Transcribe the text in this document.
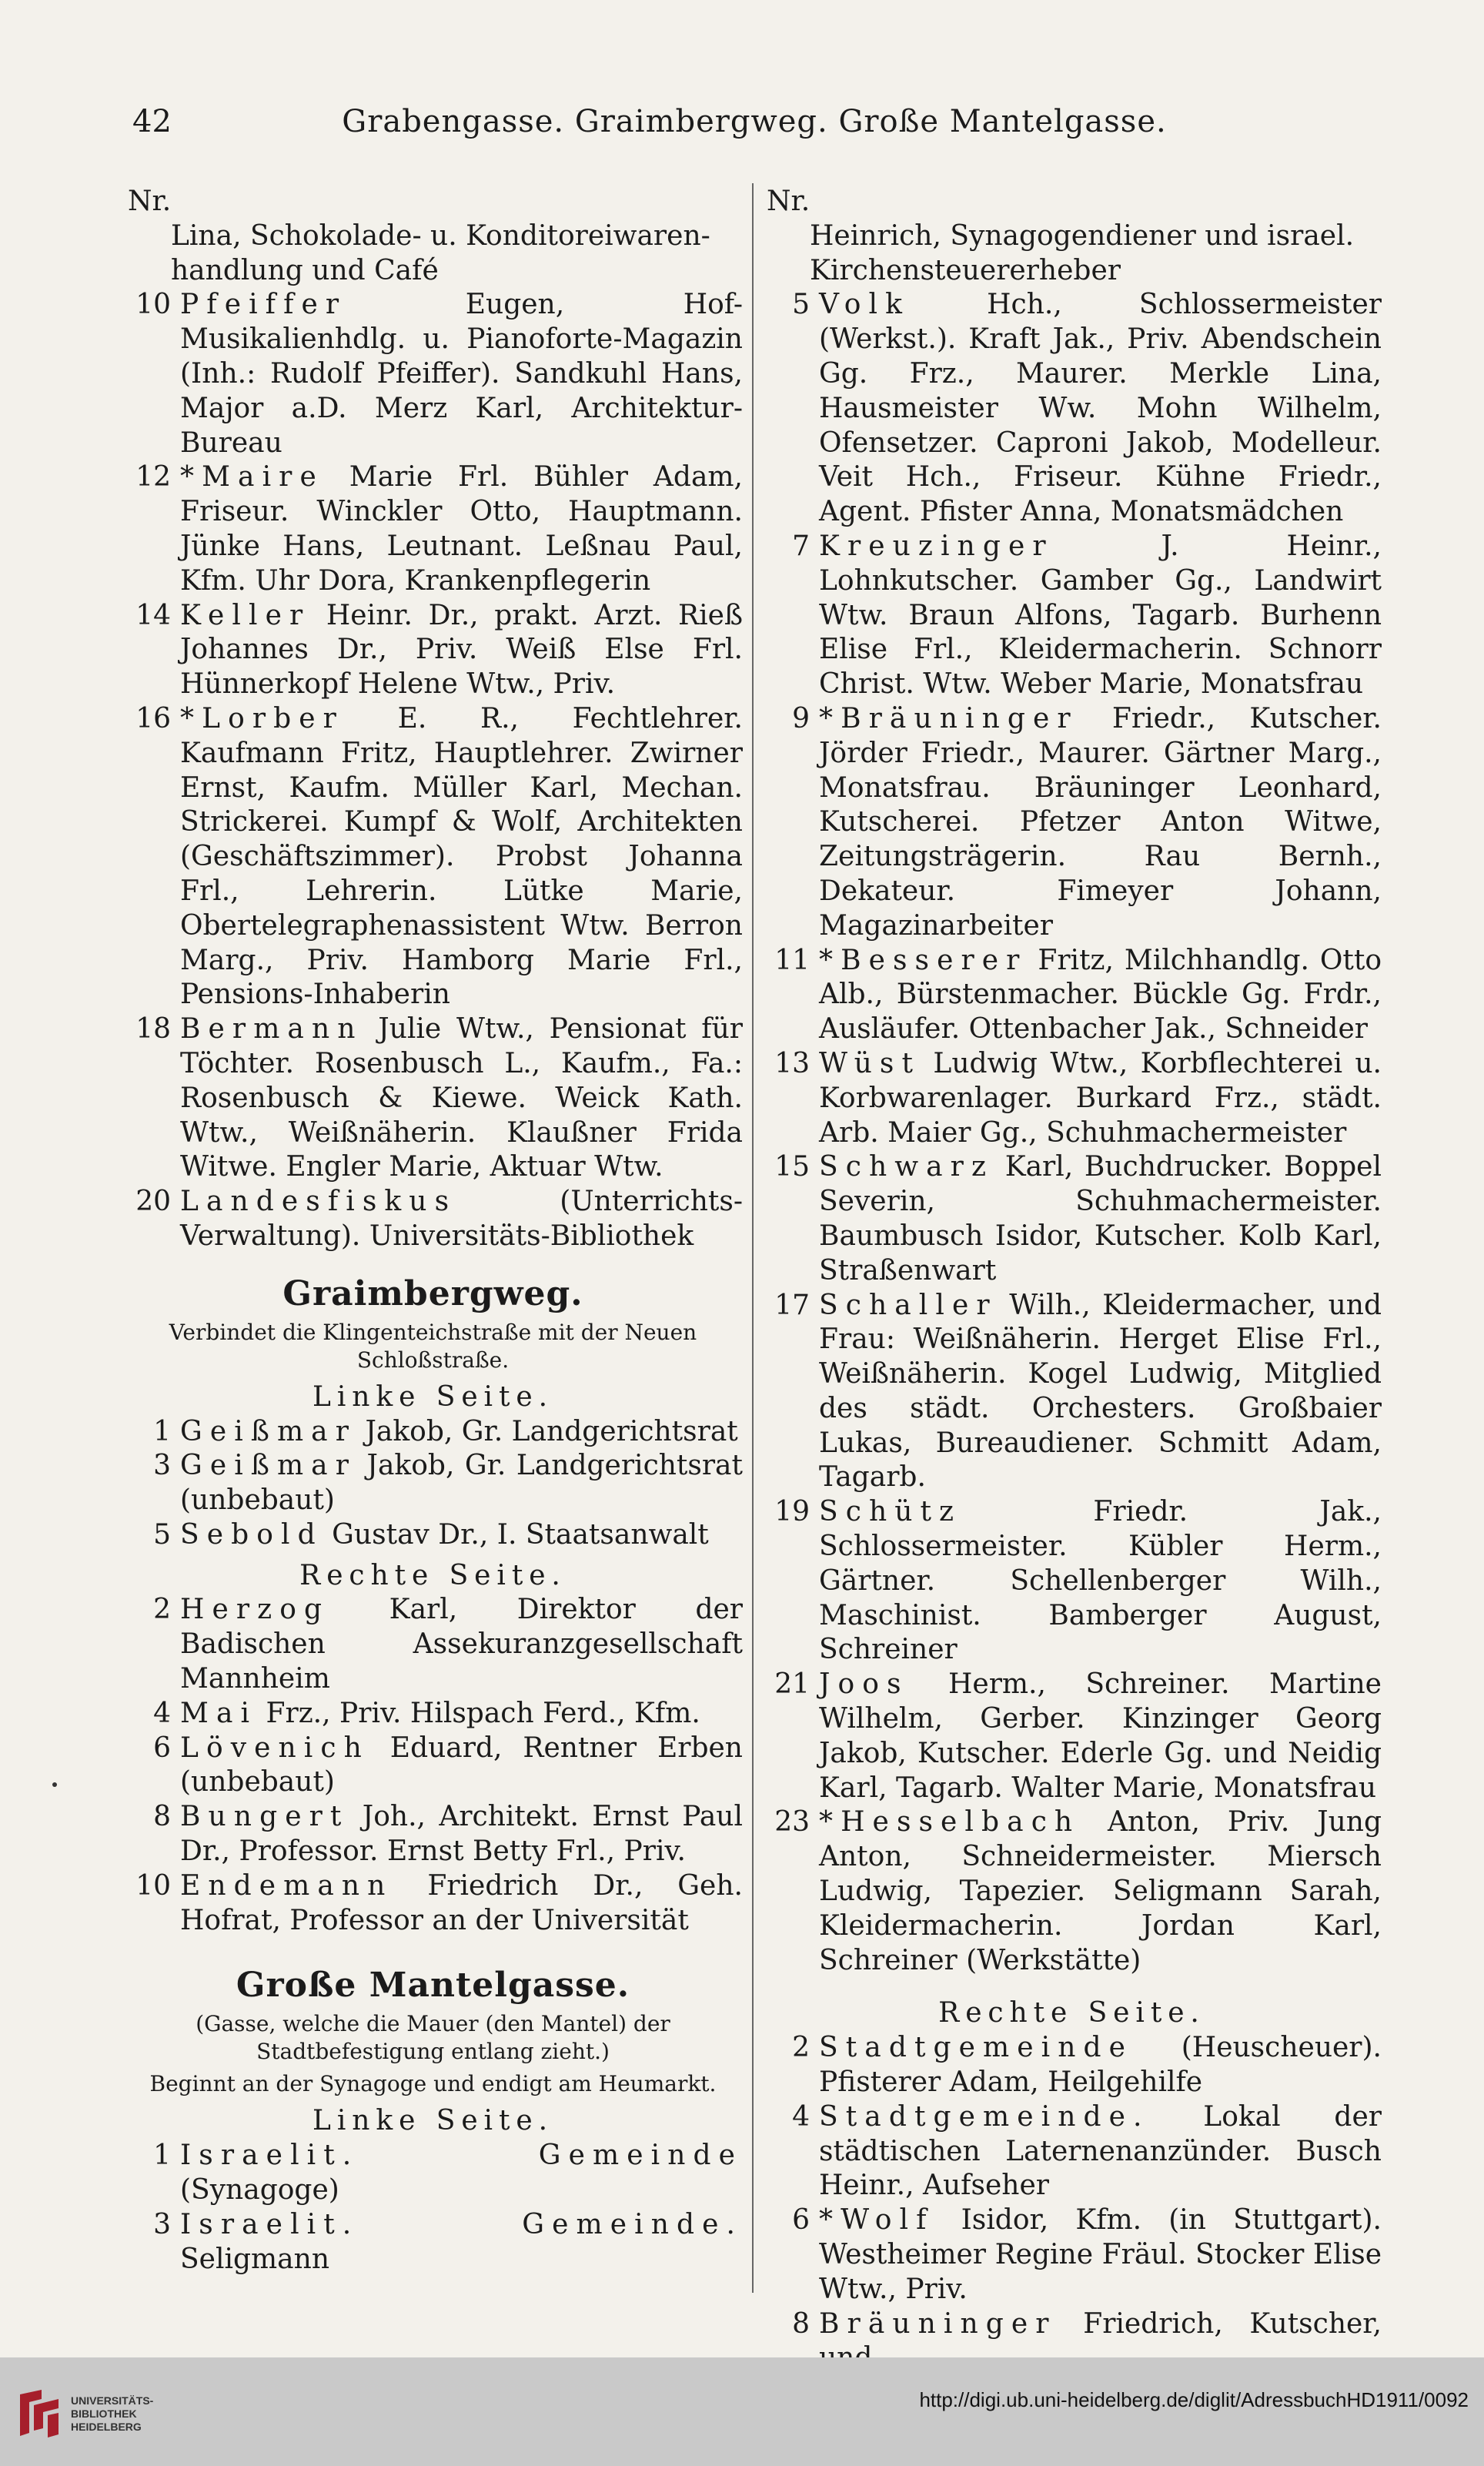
42	Grabengasse. Graimbergweg. Große Mantelgasse.
Nr.
Lina, Schokolade- u. Konditoreiwaren-
handlung und Café
10 Pfeiffer Eugen, Hof-Musikalienhdlg. u. Pianoforte-Magazin (Inh.: Rudolf Pfeiffer). Sandkuhl Hans, Major a.D. Merz Karl, Architektur-Bureau
12 *Maire Marie Frl. Bühler Adam, Friseur. Winckler Otto, Hauptmann. Jünke Hans, Leutnant. Leßnau Paul, Kfm. Uhr Dora, Krankenpflegerin
14 Keller Heinr. Dr., prakt. Arzt. Rieß Johannes Dr., Priv. Weiß Else Frl. Hünnerkopf Helene Wtw., Priv.
16 *Lorber E. R., Fechtlehrer. Kaufmann Fritz, Hauptlehrer. Zwirner Ernst, Kaufm. Müller Karl, Mechan. Strickerei. Kumpf & Wolf, Architekten (Geschäftszimmer). Probst Johanna Frl., Lehrerin. Lütke Marie, Obertelegraphenassistent Wtw. Berron Marg., Priv. Hamborg Marie Frl., Pensions-Inhaberin
18 Bermann Julie Wtw., Pensionat für Töchter. Rosenbusch L., Kaufm., Fa.: Rosenbusch & Kiewe. Weick Kath. Wtw., Weißnäherin. Klaußner Frida Witwe. Engler Marie, Aktuar Wtw.
20 Landesfiskus (Unterrichts-Verwaltung). Universitäts-Bibliothek
Graimbergweg.
Verbindet die Klingenteichstraße mit der Neuen Schloßstraße.
Linke Seite.
1 Geißmar Jakob, Gr. Landgerichtsrat
3 Geißmar Jakob, Gr. Landgerichtsrat (unbebaut)
5 Sebold Gustav Dr., I. Staatsanwalt
Rechte Seite.
2 Herzog Karl, Direktor der Badischen Assekuranzgesellschaft Mannheim
4 Mai Frz., Priv. Hilspach Ferd., Kfm.
6 Lövenich Eduard, Rentner Erben (unbebaut)
8 Bungert Joh., Architekt. Ernst Paul Dr., Professor. Ernst Betty Frl., Priv.
10 Endemann Friedrich Dr., Geh. Hofrat, Professor an der Universität
Große Mantelgasse.
(Gasse, welche die Mauer (den Mantel) der Stadtbefestigung entlang zieht.)
Beginnt an der Synagoge und endigt am Heumarkt.
Linke Seite.
1 Israelit. Gemeinde (Synagoge)
3 Israelit. Gemeinde. Seligmann
Nr.
Heinrich, Synagogendiener und israel.
Kirchensteuererheber
5 Volk Hch., Schlossermeister (Werkst.). Kraft Jak., Priv. Abendschein Gg. Frz., Maurer. Merkle Lina, Hausmeister Ww. Mohn Wilhelm, Ofensetzer. Caproni Jakob, Modelleur. Veit Hch., Friseur. Kühne Friedr., Agent. Pfister Anna, Monatsmädchen
7 Kreuzinger J. Heinr., Lohnkutscher. Gamber Gg., Landwirt Wtw. Braun Alfons, Tagarb. Burhenn Elise Frl., Kleidermacherin. Schnorr Christ. Wtw. Weber Marie, Monatsfrau
9 *Bräuninger Friedr., Kutscher. Jörder Friedr., Maurer. Gärtner Marg., Monatsfrau. Bräuninger Leonhard, Kutscherei. Pfetzer Anton Witwe, Zeitungsträgerin. Rau Bernh., Dekateur. Fimeyer Johann, Magazinarbeiter
11 *Besserer Fritz, Milchhandlg. Otto Alb., Bürstenmacher. Bückle Gg. Frdr., Ausläufer. Ottenbacher Jak., Schneider
13 Wüst Ludwig Wtw., Korbflechterei u. Korbwarenlager. Burkard Frz., städt. Arb. Maier Gg., Schuhmachermeister
15 Schwarz Karl, Buchdrucker. Boppel Severin, Schuhmachermeister. Baumbusch Isidor, Kutscher. Kolb Karl, Straßenwart
17 Schaller Wilh., Kleidermacher, und Frau: Weißnäherin. Herget Elise Frl., Weißnäherin. Kogel Ludwig, Mitglied des städt. Orchesters. Großbaier Lukas, Bureaudiener. Schmitt Adam, Tagarb.
19 Schütz Friedr. Jak., Schlossermeister. Kübler Herm., Gärtner. Schellenberger Wilh., Maschinist. Bamberger August, Schreiner
21 Joos Herm., Schreiner. Martine Wilhelm, Gerber. Kinzinger Georg Jakob, Kutscher. Ederle Gg. und Neidig Karl, Tagarb. Walter Marie, Monatsfrau
23 *Hesselbach Anton, Priv. Jung Anton, Schneidermeister. Miersch Ludwig, Tapezier. Seligmann Sarah, Kleidermacherin. Jordan Karl, Schreiner (Werkstätte)
Rechte Seite.
2 Stadtgemeinde (Heuscheuer). Pfisterer Adam, Heilgehilfe
4 Stadtgemeinde. Lokal der städtischen Laternenanzünder. Busch Heinr., Aufseher
6 *Wolf Isidor, Kfm. (in Stuttgart). Westheimer Regine Fräul. Stocker Elise Wtw., Priv.
8 Bräuninger Friedrich, Kutscher,
UNIVERSITÄTS-
BIBLIOTHEK
HEIDELBERG
http://digi.ub.uni-heidelberg.de/diglit/AdressbuchHD1911/0092
